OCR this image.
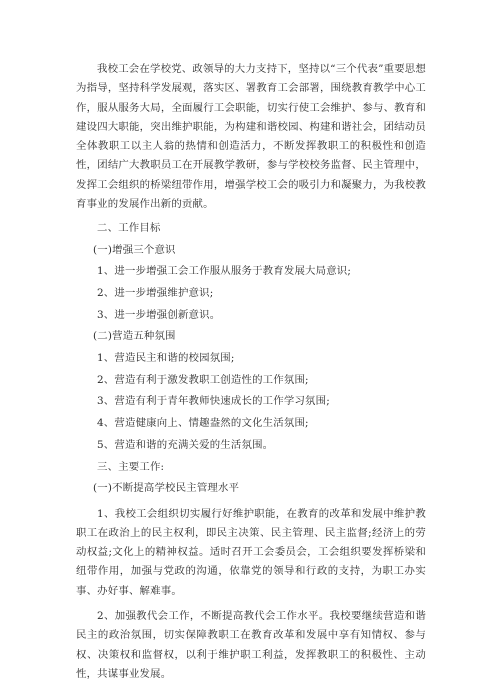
我校工会在学校党、政领导的大力支持下，坚持以“三个代表”重要思想为指导，坚持科学发展观，落实区、署教育工会部署，围绕教育教学中心工作，服从服务大局，全面履行工会职能，切实行使工会维护、参与、教育和建设四大职能，突出维护职能，为构建和谐校园、构建和谐社会，团结动员全体教职工以主人翁的热情和创造活力，不断发挥教职工的积极性和创造性，团结广大教职员工在开展教学教研，参与学校校务监督、民主管理中，发挥工会组织的桥梁纽带作用，增强学校工会的吸引力和凝聚力，为我校教育事业的发展作出新的贡献。

二、工作目标

(一)增强三个意识

1、进一步增强工会工作服从服务于教育发展大局意识;

2、进一步增强维护意识;

3、进一步增强创新意识。

(二)营造五种氛围

1、营造民主和谐的校园氛围;

2、营造有利于激发教职工创造性的工作氛围;

3、营造有利于青年教师快速成长的工作学习氛围;

4、营造健康向上、情趣盎然的文化生活氛围;

5、营造和谐的充满关爱的生活氛围。

三、主要工作:

(一)不断提高学校民主管理水平

1、我校工会组织切实履行好维护职能，在教育的改革和发展中维护教职工在政治上的民主权利，即民主决策、民主管理、民主监督;经济上的劳动权益;文化上的精神权益。适时召开工会委员会，工会组织要发挥桥梁和纽带作用，加强与党政的沟通，依靠党的领导和行政的支持，为职工办实事、办好事、解难事。

2、加强教代会工作，不断提高教代会工作水平。我校要继续营造和谐民主的政治氛围，切实保障教职工在教育改革和发展中享有知情权、参与权、决策权和监督权，以利于维护职工利益，发挥教职工的积极性、主动性，共谋事业发展。
